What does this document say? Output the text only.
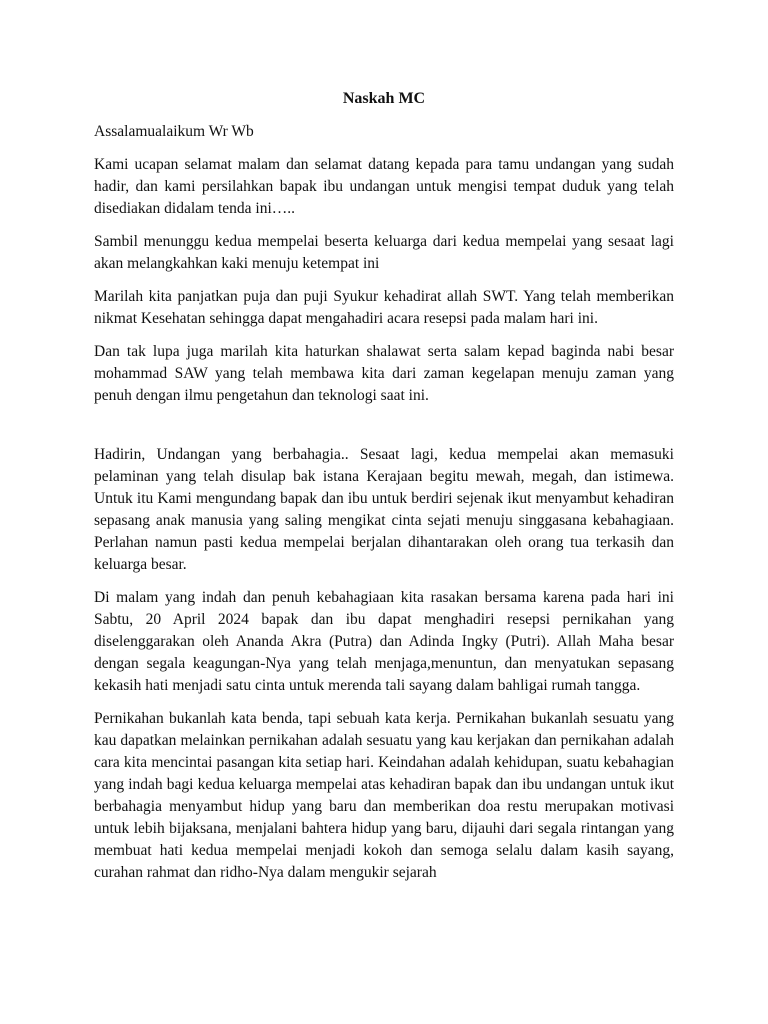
Naskah MC

Assalamualaikum Wr Wb

Kami ucapan selamat malam dan selamat datang kepada para tamu undangan yang sudah hadir, dan kami persilahkan bapak ibu undangan untuk mengisi tempat duduk yang telah disediakan didalam tenda ini…..

Sambil menunggu kedua mempelai beserta keluarga dari kedua mempelai yang sesaat lagi akan melangkahkan kaki menuju ketempat ini

Marilah kita panjatkan puja dan puji Syukur kehadirat allah SWT. Yang telah memberikan nikmat Kesehatan sehingga dapat mengahadiri acara resepsi pada malam hari ini.

Dan tak lupa juga marilah kita haturkan shalawat serta salam kepad baginda nabi besar mohammad SAW yang telah membawa kita dari zaman kegelapan menuju zaman yang penuh dengan ilmu pengetahun dan teknologi saat ini.

Hadirin, Undangan yang berbahagia.. Sesaat lagi, kedua mempelai akan memasuki pelaminan yang telah disulap bak istana Kerajaan begitu mewah, megah, dan istimewa. Untuk itu Kami mengundang bapak dan ibu untuk berdiri sejenak ikut menyambut kehadiran sepasang anak manusia yang saling mengikat cinta sejati menuju singgasana kebahagiaan. Perlahan namun pasti kedua mempelai berjalan dihantarakan oleh orang tua terkasih dan keluarga besar.

Di malam yang indah dan penuh kebahagiaan kita rasakan bersama karena pada hari ini Sabtu, 20 April 2024 bapak dan ibu dapat menghadiri resepsi pernikahan yang diselenggarakan oleh Ananda Akra (Putra) dan Adinda Ingky (Putri). Allah Maha besar dengan segala keagungan-Nya yang telah menjaga,menuntun, dan menyatukan sepasang kekasih hati menjadi satu cinta untuk merenda tali sayang dalam bahligai rumah tangga.

Pernikahan bukanlah kata benda, tapi sebuah kata kerja. Pernikahan bukanlah sesuatu yang kau dapatkan melainkan pernikahan adalah sesuatu yang kau kerjakan dan pernikahan adalah cara kita mencintai pasangan kita setiap hari. Keindahan adalah kehidupan, suatu kebahagian yang indah bagi kedua keluarga mempelai atas kehadiran bapak dan ibu undangan untuk ikut berbahagia menyambut hidup yang baru dan memberikan doa restu merupakan motivasi untuk lebih bijaksana, menjalani bahtera hidup yang baru, dijauhi dari segala rintangan yang membuat hati kedua mempelai menjadi kokoh dan semoga selalu dalam kasih sayang, curahan rahmat dan ridho-Nya dalam mengukir sejarah
